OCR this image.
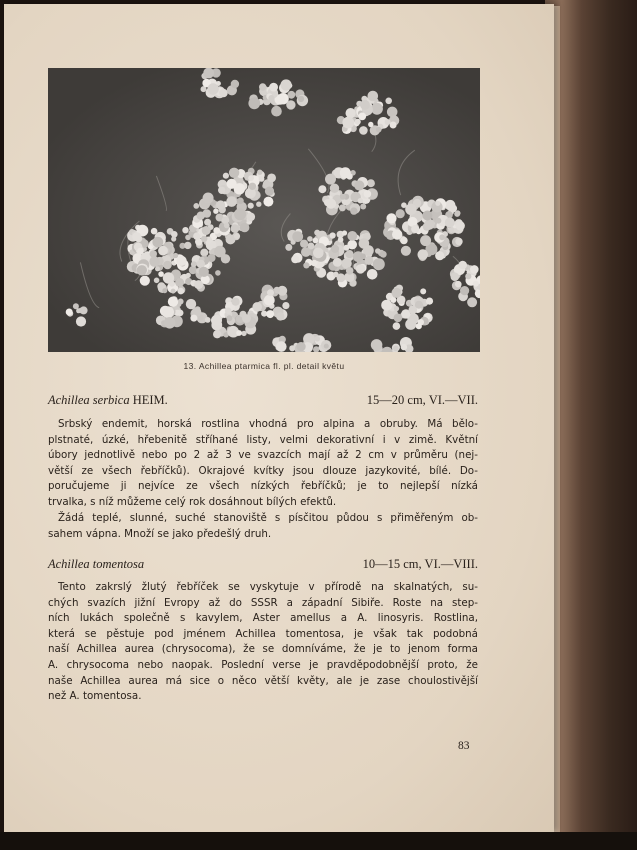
13. Achillea ptarmica fl. pl. detail květu
Achillea serbica HEIM.	15—20 cm, VI.—VII.
Srbský endemit, horská rostlina vhodná pro alpina a obruby. Má bělo-
plstnaté, úzké, hřebenitě stříhané listy, velmi dekorativní i v zimě. Květní
úbory jednotlivě nebo po 2 až 3 ve svazcích mají až 2 cm v průměru (nej-
větší ze všech řebříčků). Okrajové kvítky jsou dlouze jazykovité, bílé. Do-
poručujeme ji nejvíce ze všech nízkých řebříčků; je to nejlepší nízká
trvalka, s níž můžeme celý rok dosáhnout bílých efektů.
Žádá teplé, slunné, suché stanoviště s písčitou půdou s přiměřeným ob-
sahem vápna. Množí se jako předešlý druh.
Achillea tomentosa	10—15 cm, VI.—VIII.
Tento zakrslý žlutý řebříček se vyskytuje v přírodě na skalnatých, su-
chých svazích jižní Evropy až do SSSR a západní Sibiře. Roste na step-
ních lukách společně s kavylem, Aster amellus a A. linosyris. Rostlina,
která se pěstuje pod jménem Achillea tomentosa, je však tak podobná
naší Achillea aurea (chrysocoma), že se domníváme, že je to jenom forma
A. chrysocoma nebo naopak. Poslední verse je pravděpodobnější proto, že
naše Achillea aurea má sice o něco větší květy, ale je zase choulostivější
než A. tomentosa.
83
